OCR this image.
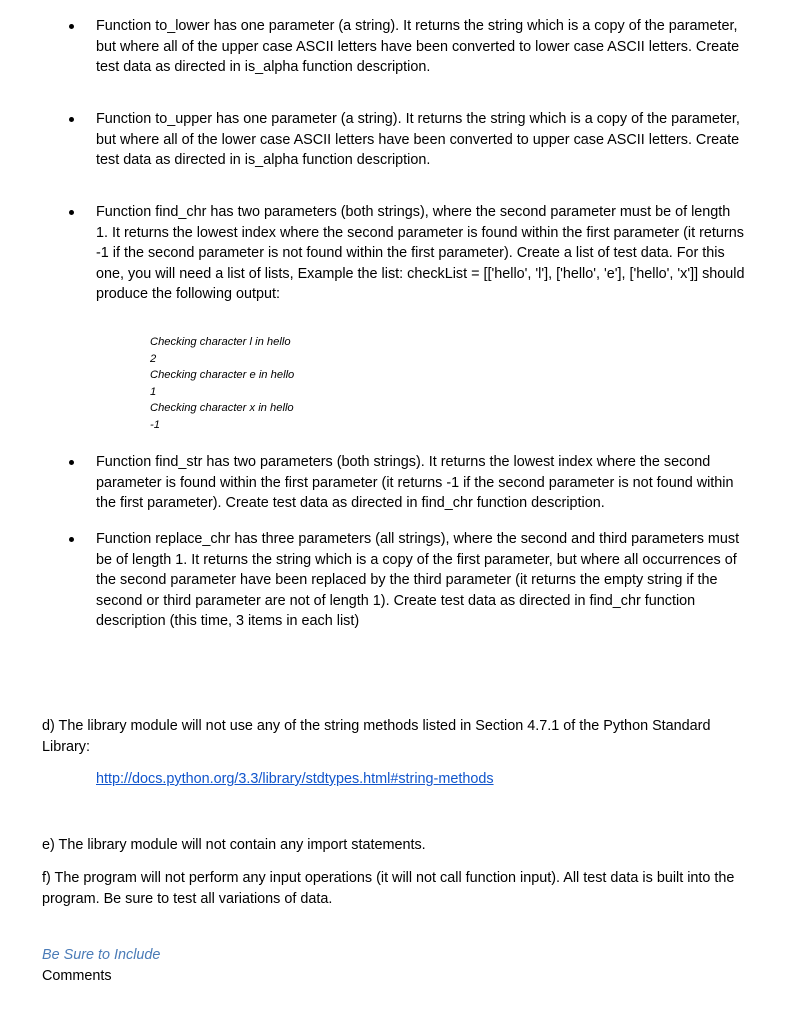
Function to_lower has one parameter (a string). It returns the string which is a copy of the parameter, but where all of the upper case ASCII letters have been converted to lower case ASCII letters. Create test data as directed in is_alpha function description.
Function to_upper has one parameter (a string). It returns the string which is a copy of the parameter, but where all of the lower case ASCII letters have been converted to upper case ASCII letters. Create test data as directed in is_alpha function description.
Function find_chr has two parameters (both strings), where the second parameter must be of length 1. It returns the lowest index where the second parameter is found within the first parameter (it returns -1 if the second parameter is not found within the first parameter). Create a list of test data. For this one, you will need a list of lists, Example the list: checkList = [['hello', 'l'], ['hello', 'e'], ['hello', 'x']] should produce the following output:
Checking character l in hello
2
Checking character e in hello
1
Checking character x in hello
-1
Function find_str has two parameters (both strings). It returns the lowest index where the second parameter is found within the first parameter (it returns -1 if the second parameter is not found within the first parameter). Create test data as directed in find_chr function description.
Function replace_chr has three parameters (all strings), where the second and third parameters must be of length 1. It returns the string which is a copy of the first parameter, but where all occurrences of the second parameter have been replaced by the third parameter (it returns the empty string if the second or third parameter are not of length 1). Create test data as directed in find_chr function description (this time, 3 items in each list)
d) The library module will not use any of the string methods listed in Section 4.7.1 of the Python Standard Library:
http://docs.python.org/3.3/library/stdtypes.html#string-methods
e) The library module will not contain any import statements.
f) The program will not perform any input operations (it will not call function input). All test data is built into the program. Be sure to test all variations of data.
Be Sure to Include
Comments
